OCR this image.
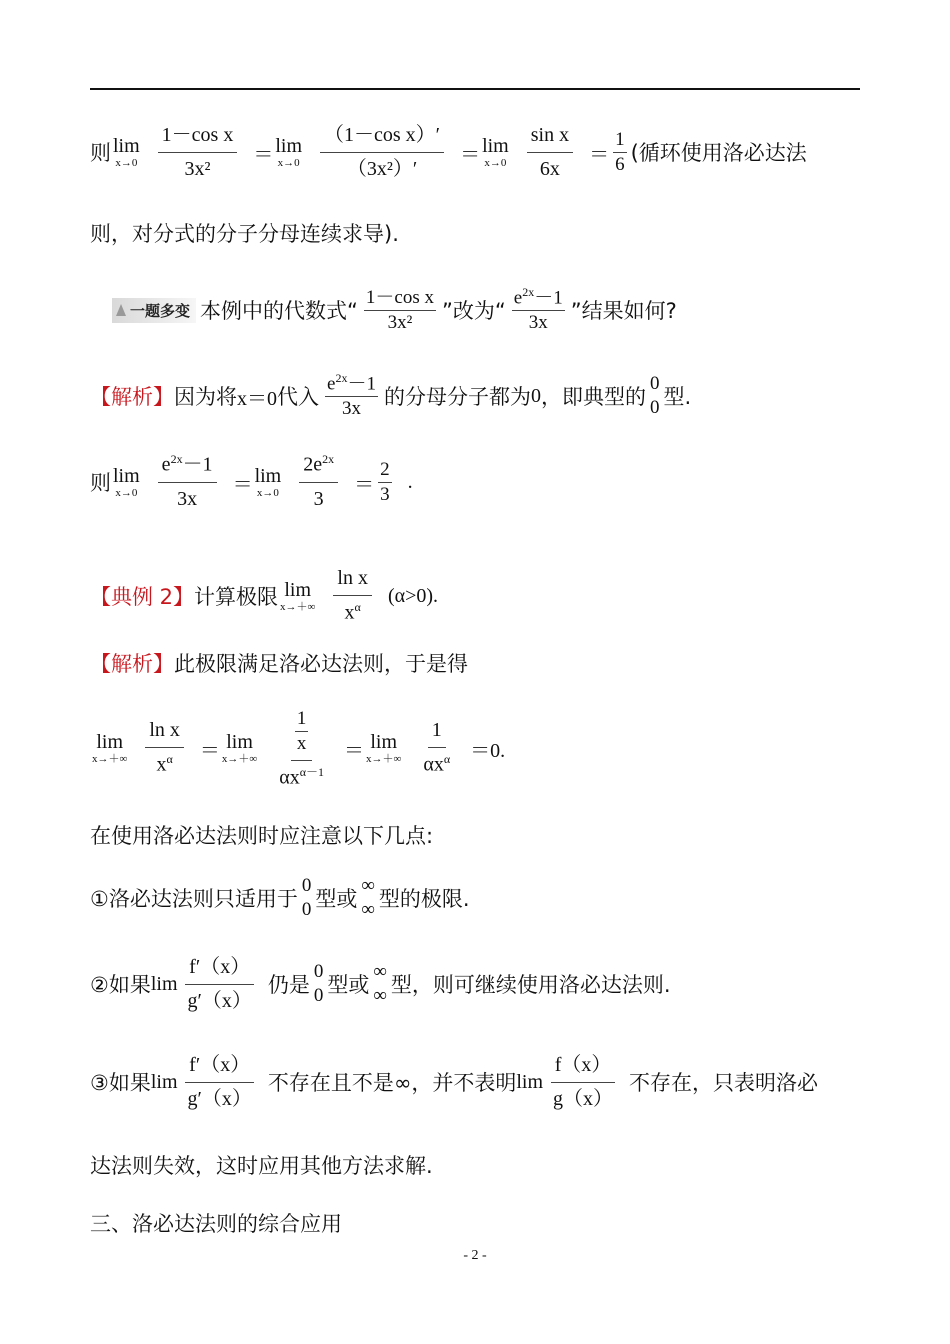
则 lim
$x\to 0 \frac{\text{1－cos x}}{\text{3x²}} = \lim$
$x\to 0 \frac{\text{（1－cos x）′}}{\text{（3x²）′}} = \lim$
$x\to 0 \frac{\text{sin x}}{6x} = \frac{1}{6}$ (循环使用洛必达法
则，对分式的分子分母连续求导).
一题多变 本例中的代数式“ $\frac{\text{1－cos x}}{\text{3x²}}$ ”改为“ $\frac{e^{2x}-1}{3x}$ ”结果如何?
【解析】 因为将 x＝0 代入 $\frac{e^{2x}-1}{3x}$ 的分母分子都为 0 ，即典型的
0
0 型.
则 lim
$x\to 0 \frac{e^{2x}-1}{3x} = \lim$
$x\to 0 \frac{2e^{2x}}{3} = \frac{2}{3}$ .
【典例 2】 计算极限 lim
$x\to+\infty \frac{\text{ln x}}{x^\alpha} (\alpha>0)$.
【解析】 此极限满足洛必达法则，于是得
lim
$x\to+\infty \frac{\text{ln x}}{x^\alpha} = \lim$
$x\to+\infty \frac{\frac{1}{x}}{\alpha x^{\alpha-1}} = \lim$
$x\to+\infty \frac{1}{\alpha x^\alpha} =0$.
在使用洛必达法则时应注意以下几点:
①洛必达法则只适用于
0
0 型或
∞
∞ 型的极限.
②如果 $\lim \frac{f'(x)}{g'(x)}$ 仍是
0
0 型或
∞
∞ 型，则可继续使用洛必达法则.
③如果 $\lim \frac{f'(x)}{g'(x)}$ 不存在且不是∞，并不表明 $\lim \frac{f(x)}{g(x)}$ 不存在，只表明洛必
达法则失效，这时应用其他方法求解.
三、洛必达法则的综合应用
- 2 -
